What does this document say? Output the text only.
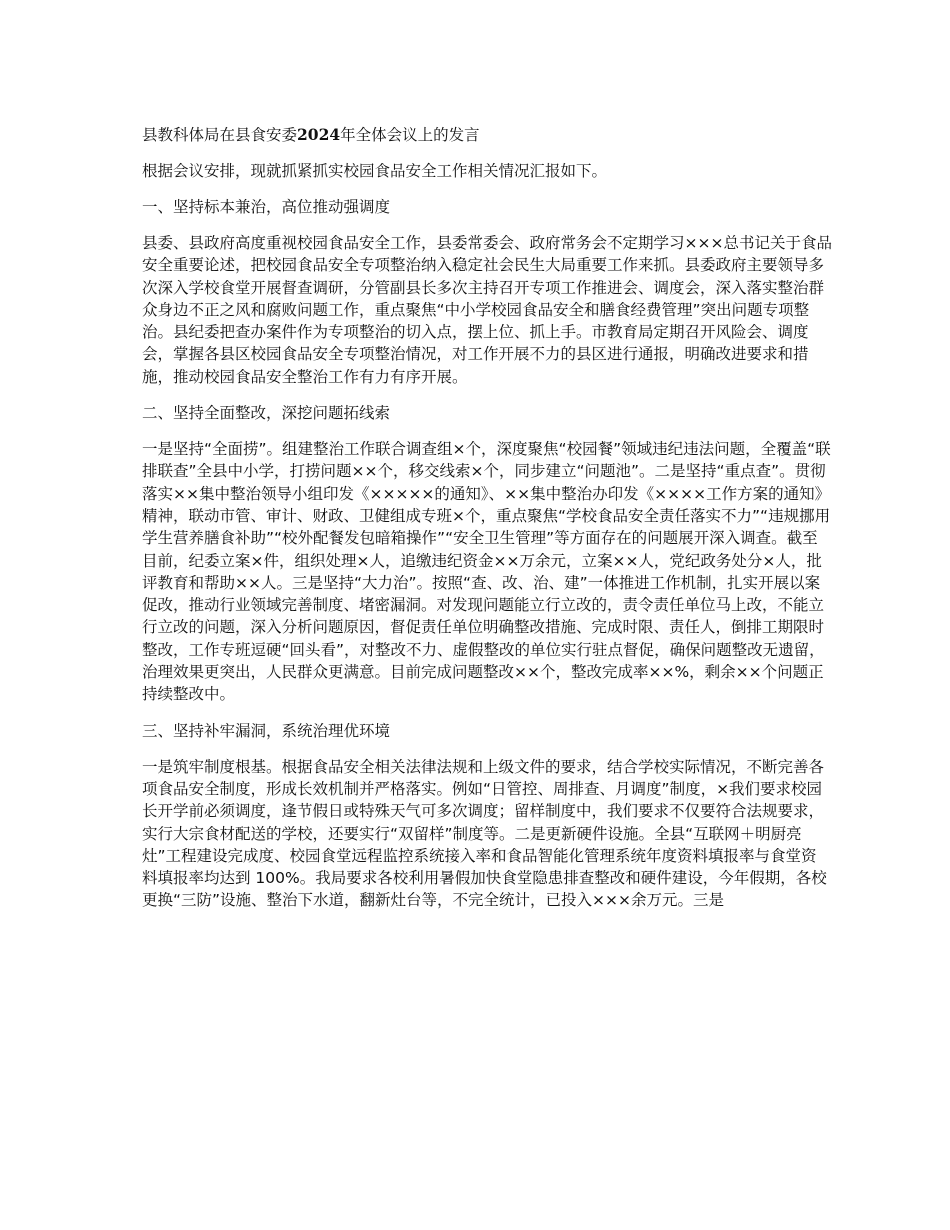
县教科体局在县食安委2024年全体会议上的发言

根据会议安排，现就抓紧抓实校园食品安全工作相关情况汇报如下。

一、坚持标本兼治，高位推动强调度

县委、县政府高度重视校园食品安全工作，县委常委会、政府常务会不定期学习×××总书记关于食品安全重要论述，把校园食品安全专项整治纳入稳定社会民生大局重要工作来抓。县委政府主要领导多次深入学校食堂开展督查调研，分管副县长多次主持召开专项工作推进会、调度会，深入落实整治群众身边不正之风和腐败问题工作，重点聚焦“中小学校园食品安全和膳食经费管理”突出问题专项整治。县纪委把查办案件作为专项整治的切入点，摆上位、抓上手。市教育局定期召开风险会、调度会，掌握各县区校园食品安全专项整治情况，对工作开展不力的县区进行通报，明确改进要求和措施，推动校园食品安全整治工作有力有序开展。

二、坚持全面整改，深挖问题拓线索

一是坚持“全面捞”。组建整治工作联合调查组×个，深度聚焦“校园餐”领域违纪违法问题，全覆盖“联排联查”全县中小学，打捞问题××个，移交线索×个，同步建立“问题池”。二是坚持“重点查”。贯彻落实××集中整治领导小组印发《×××××的通知》、××集中整治办印发《××××工作方案的通知》精神，联动市管、审计、财政、卫健组成专班×个，重点聚焦“学校食品安全责任落实不力”“违规挪用学生营养膳食补助”“校外配餐发包暗箱操作”“安全卫生管理”等方面存在的问题展开深入调查。截至目前，纪委立案×件，组织处理×人，追缴违纪资金××万余元，立案××人，党纪政务处分×人，批评教育和帮助××人。三是坚持“大力治”。按照“查、改、治、建”一体推进工作机制，扎实开展以案促改，推动行业领域完善制度、堵密漏洞。对发现问题能立行立改的，责令责任单位马上改，不能立行立改的问题，深入分析问题原因，督促责任单位明确整改措施、完成时限、责任人，倒排工期限时整改，工作专班逗硬“回头看”，对整改不力、虚假整改的单位实行驻点督促，确保问题整改无遗留，治理效果更突出，人民群众更满意。目前完成问题整改××个，整改完成率××%，剩余××个问题正持续整改中。

三、坚持补牢漏洞，系统治理优环境

一是筑牢制度根基。根据食品安全相关法律法规和上级文件的要求，结合学校实际情况，不断完善各项食品安全制度，形成长效机制并严格落实。例如“日管控、周排查、月调度”制度，×我们要求校园长开学前必须调度，逢节假日或特殊天气可多次调度；留样制度中，我们要求不仅要符合法规要求，实行大宗食材配送的学校，还要实行“双留样”制度等。二是更新硬件设施。全县“互联网＋明厨亮灶”工程建设完成度、校园食堂远程监控系统接入率和食品智能化管理系统年度资料填报率与食堂资料填报率均达到 100%。我局要求各校利用暑假加快食堂隐患排查整改和硬件建设，今年假期，各校更换“三防”设施、整治下水道，翻新灶台等，不完全统计，已投入×××余万元。三是
